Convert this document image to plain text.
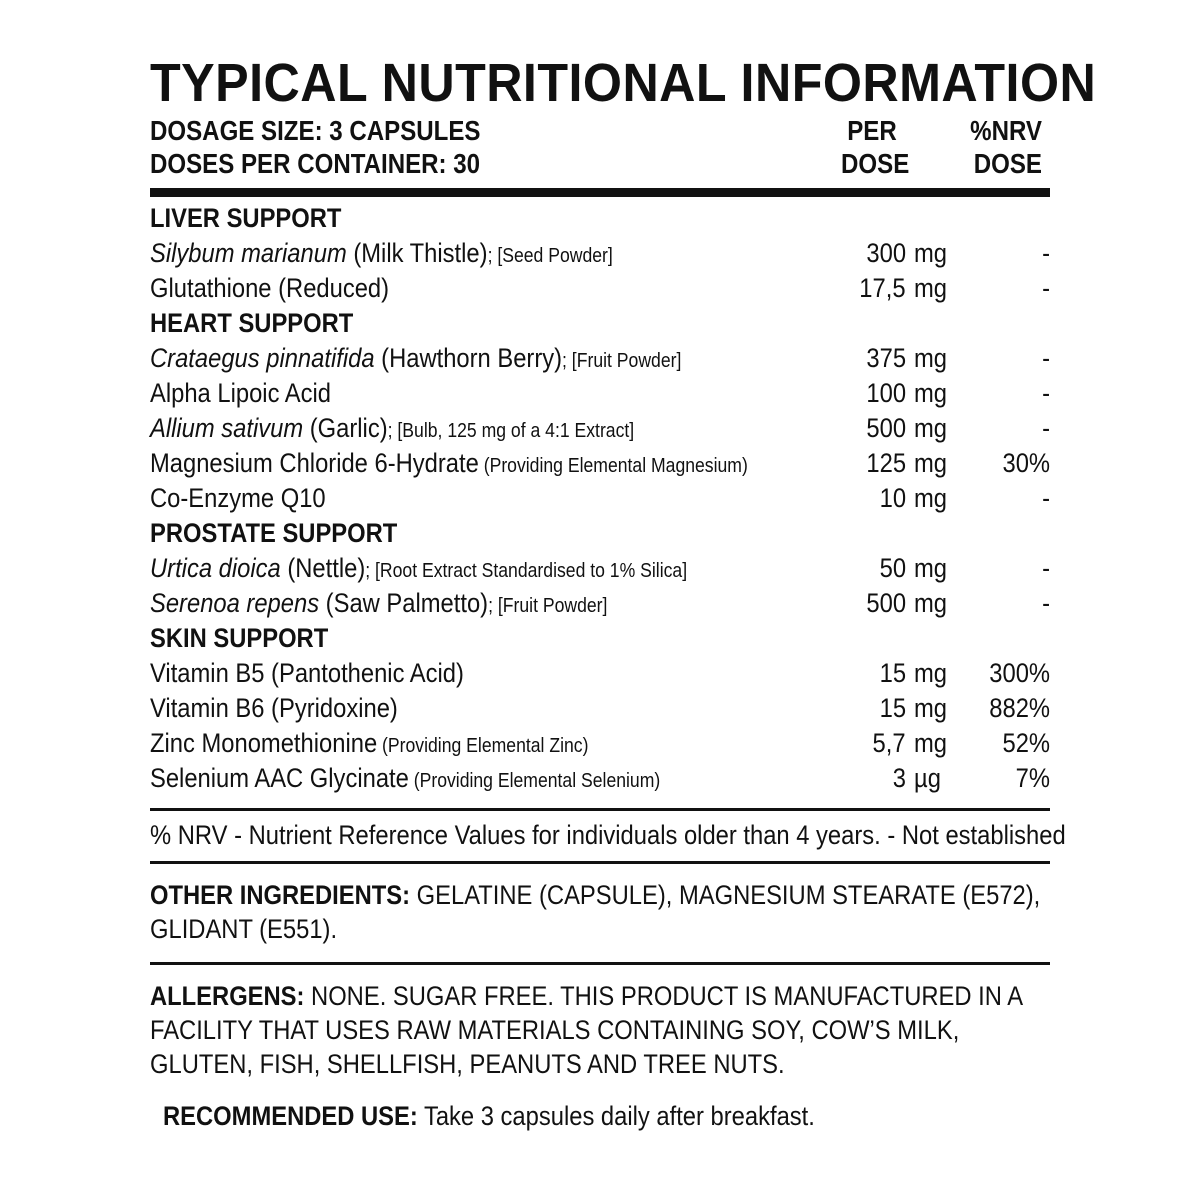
TYPICAL NUTRITIONAL INFORMATION
DOSAGE SIZE: 3 CAPSULES
DOSES PER CONTAINER: 30
PER
DOSE
%NRV
DOSE
LIVER SUPPORT
Silybum marianum (Milk Thistle); [Seed Powder]	300 mg	-
Glutathione (Reduced)	17,5 mg	-
HEART SUPPORT
Crataegus pinnatifida (Hawthorn Berry); [Fruit Powder]	375 mg	-
Alpha Lipoic Acid	100 mg	-
Allium sativum (Garlic); [Bulb, 125 mg of a 4:1 Extract]	500 mg	-
Magnesium Chloride 6-Hydrate (Providing Elemental Magnesium)	125 mg 30%
Co-Enzyme Q10	10 mg	-
PROSTATE SUPPORT
Urtica dioica (Nettle); [Root Extract Standardised to 1% Silica]	50 mg	-
Serenoa repens (Saw Palmetto); [Fruit Powder]	500 mg	-
SKIN SUPPORT
Vitamin B5 (Pantothenic Acid)	15 mg 300%
Vitamin B6 (Pyridoxine)	15 mg 882%
Zinc Monomethionine (Providing Elemental Zinc)	5,7 mg 52%
Selenium AAC Glycinate (Providing Elemental Selenium)	3 µg	7%
% NRV - Nutrient Reference Values for individuals older than 4 years. - Not established
OTHER INGREDIENTS: GELATINE (CAPSULE), MAGNESIUM STEARATE (E572), GLIDANT (E551).
ALLERGENS: NONE. SUGAR FREE. THIS PRODUCT IS MANUFACTURED IN A FACILITY THAT USES RAW MATERIALS CONTAINING SOY, COW’S MILK, GLUTEN, FISH, SHELLFISH, PEANUTS AND TREE NUTS.
RECOMMENDED USE: Take 3 capsules daily after breakfast.
